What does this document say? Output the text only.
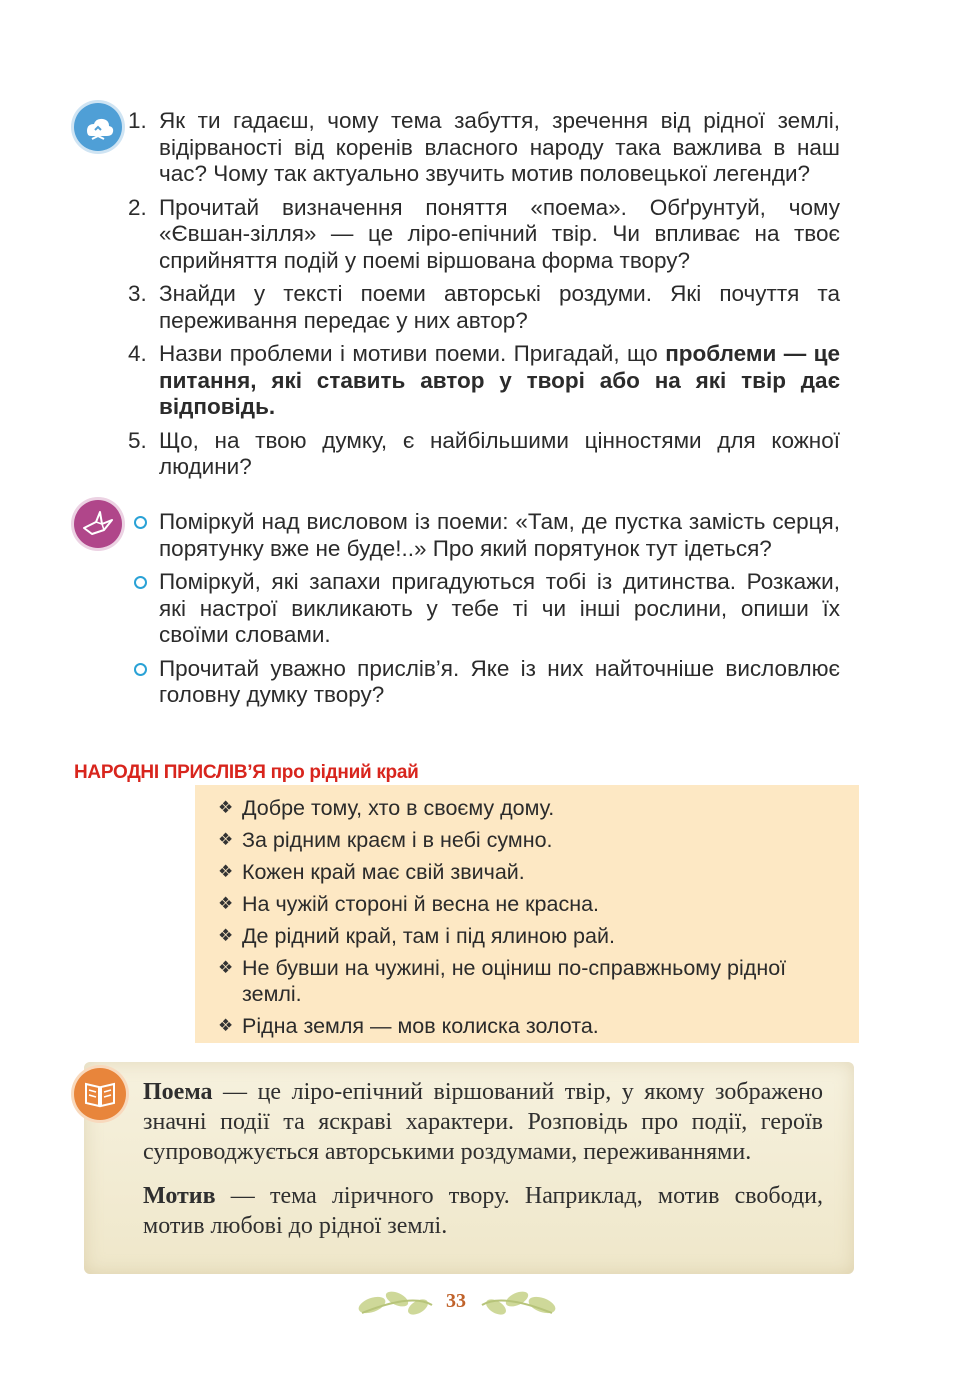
1. Як ти гадаєш, чому тема забуття, зречення від рідної землі, відірваності від коренів власного народу така важлива в наш час? Чому так актуально звучить мотив половецької легенди?
2. Прочитай визначення поняття «поема». Обґрунтуй, чому «Євшан-зілля» — це ліро-епічний твір. Чи впливає на твоє сприйняття подій у поемі віршована форма твору?
3. Знайди у тексті поеми авторські роздуми. Які почуття та переживання передає у них автор?
4. Назви проблеми і мотиви поеми. Пригадай, що проблеми — це питання, які ставить автор у творі або на які твір дає відповідь.
5. Що, на твою думку, є найбільшими цінностями для кожної людини?
Поміркуй над висловом із поеми: «Там, де пустка замість серця, порятунку вже не буде!..» Про який порятунок тут ідеться?
Поміркуй, які запахи пригадуються тобі із дитинства. Розкажи, які настрої викликають у тебе ті чи інші рослини, опиши їх своїми словами.
Прочитай уважно прислів’я. Яке із них найточніше висловлює головну думку твору?
НАРОДНІ ПРИСЛІВ’Я про рідний край
❖ Добре тому, хто в своєму дому.
❖ За рідним краєм і в небі сумно.
❖ Кожен край має свій звичай.
❖ На чужій стороні й весна не красна.
❖ Де рідний край, там і під ялиною рай.
❖ Не бувши на чужині, не оціниш по-справжньому рідної землі.
❖ Рідна земля — мов колиска золота.

Поема — це ліро-епічний віршований твір, у якому зображено значні події та яскраві характери. Розповідь про події, героїв супроводжується авторськими роздумами, переживаннями.

Мотив — тема ліричного твору. Наприклад, мотив свободи, мотив любові до рідної землі.

33
